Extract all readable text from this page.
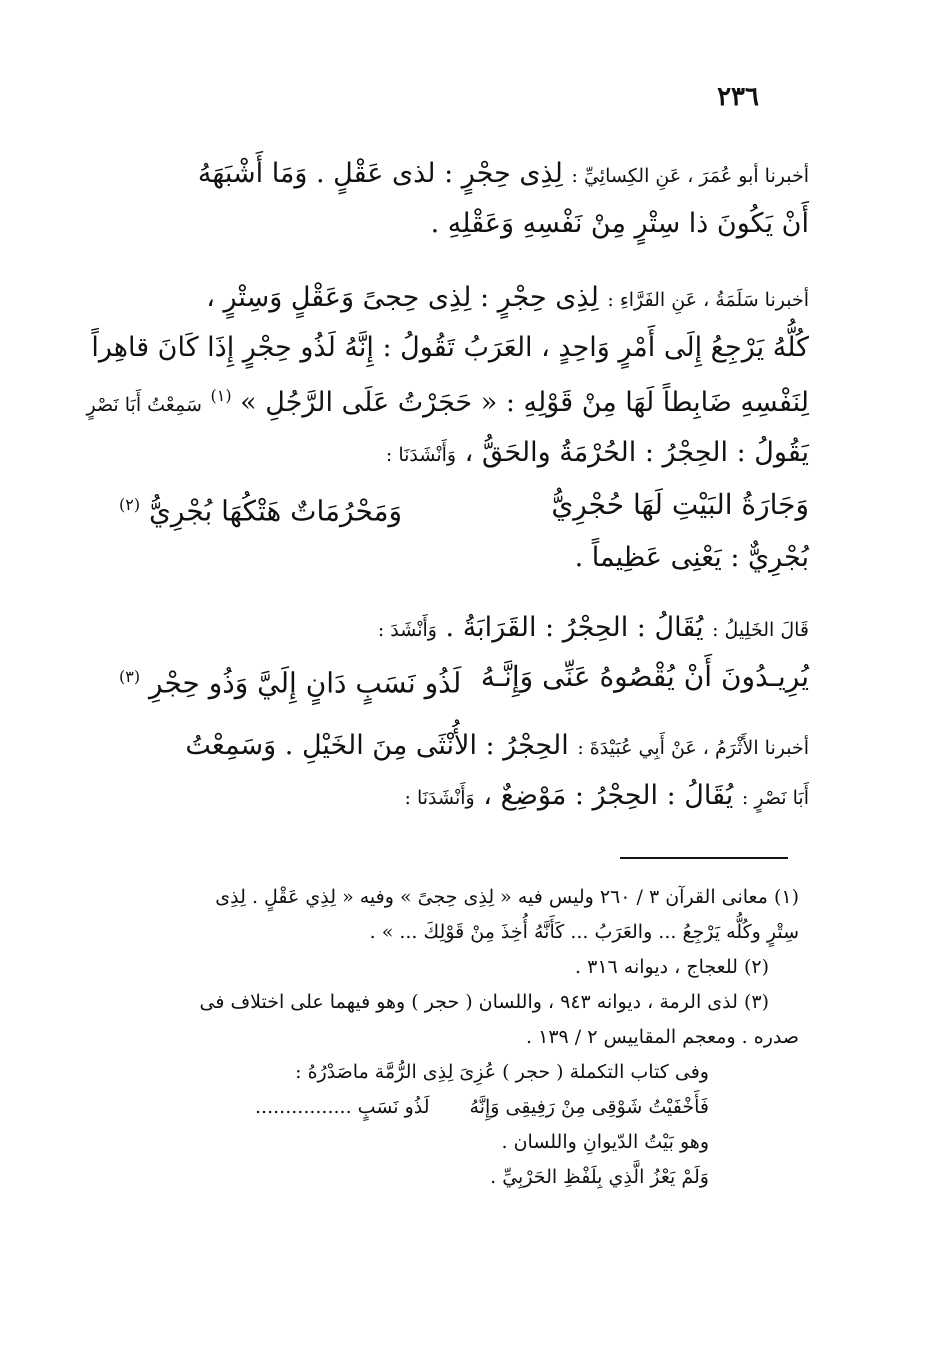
٢٣٦
أخبرنا أبو عُمَرَ ، عَنِ الكِسائِيِّ : لِذِى حِجْرٍ : لذى عَقْلٍ . وَمَا أَشْبَهَهُ
أَنْ يَكُونَ ذا سِتْرٍ مِنْ نَفْسِهِ وَعَقْلِهِ .
أخبرنا سَلَمَةُ ، عَنِ الفَرَّاءِ : لِذِى حِجْرٍ : لِذِى حِجىً وَعَقْلٍ وَسِتْرٍ ،
كُلُّهُ يَرْجِعُ إِلَى أَمْرٍ وَاحِدٍ ، العَرَبُ تَقُولُ : إِنَّهُ لَذُو حِجْرٍ إِذَا كَانَ قاهِراً
لِنَفْسِهِ ضَابِطاً لَهَا مِنْ قَوْلِهِ : « حَجَرْتُ عَلَى الرَّجُلِ » $^{(١)}$ سَمِعْتُ أَبَا نَصْرٍ
يَقُولُ : الحِجْرُ : الحُرْمَةُ والحَقُّ ، وَأَنْشَدَنَا :
وَجَارَةُ البَيْتِ لَهَا حُجْرِيُّ
وَمَحْرُمَاتٌ هَتْكُهَا بُجْرِيُّ $^{(٢)}$
بُجْرِيٌّ : يَعْنِى عَظِيماً .
قَالَ الخَلِيلُ : يُقَالُ : الحِجْرُ : القَرَابَةُ . وَأَنْشَدَ :
يُرِيـدُونَ أَنْ يُقْصُوهُ عَنِّى وَإِنَّـهُ
لَذُو نَسَبٍ دَانٍ إِلَيَّ وَذُو حِجْرِ $^{(٣)}$
أخبرنا الأَثْرَمُ ، عَنْ أَبِي عُبَيْدَةَ : الحِجْرُ : الأُنْثَى مِنَ الخَيْلِ . وَسَمِعْتُ
أَبَا نَصْرٍ : يُقَالُ : الحِجْرُ : مَوْضِعٌ ، وَأَنْشَدَنَا :
(١) معانى القرآن ٣ / ٢٦٠ وليس فيه « لِذِى حِجىً » وفيه « لِذِي عَقْلٍ . لِذِى
سِتْرٍ وكُلُّه يَرْجِعُ ... والعَرَبُ ... كَأَنَّهُ أُخِذَ مِنْ قَوْلِكَ ... » .
(٢) للعجاج ، ديوانه ٣١٦ .
(٣) لذى الرمة ، ديوانه ٩٤٣ ، واللسان ( حجر ) وهو فيهما على اختلاف فى
صدره . ومعجم المقاييس ٢ / ١٣٩ .
وفى كتاب التكملة ( حجر ) عُزِىَ لِذِى الرُّمَّة ماصَدْرُهُ :
فَأَخْفَيْتُ شَوْقِى مِنْ رَفِيقِى وَإِنَّهُ
لَذُو نَسَبٍ ................
وهو بَيْتُ الدّيوانِ واللسان .
وَلَمْ يَعْزُ الَّذِي بِلَفْظِ الحَرْبِيِّ .
